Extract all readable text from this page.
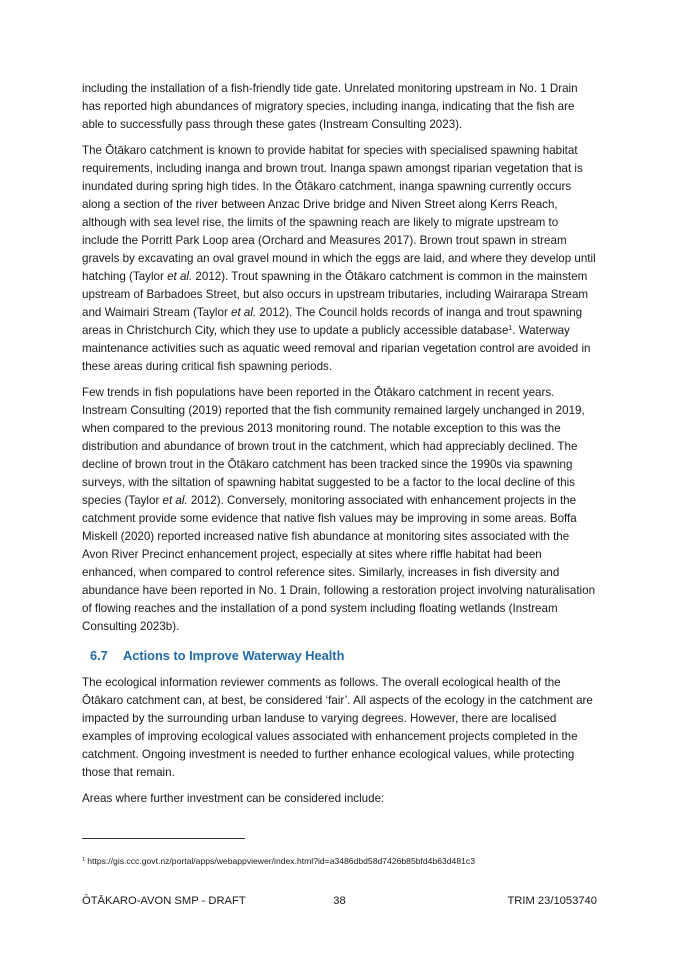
including the installation of a fish-friendly tide gate. Unrelated monitoring upstream in No. 1 Drain has reported high abundances of migratory species, including inanga, indicating that the fish are able to successfully pass through these gates (Instream Consulting 2023).

The Ōtākaro catchment is known to provide habitat for species with specialised spawning habitat requirements, including inanga and brown trout. Inanga spawn amongst riparian vegetation that is inundated during spring high tides. In the Ōtākaro catchment, inanga spawning currently occurs along a section of the river between Anzac Drive bridge and Niven Street along Kerrs Reach, although with sea level rise, the limits of the spawning reach are likely to migrate upstream to include the Porritt Park Loop area (Orchard and Measures 2017). Brown trout spawn in stream gravels by excavating an oval gravel mound in which the eggs are laid, and where they develop until hatching (Taylor et al. 2012). Trout spawning in the Ōtākaro catchment is common in the mainstem upstream of Barbadoes Street, but also occurs in upstream tributaries, including Wairarapa Stream and Waimairi Stream (Taylor et al. 2012). The Council holds records of inanga and trout spawning areas in Christchurch City, which they use to update a publicly accessible database$^1$. Waterway maintenance activities such as aquatic weed removal and riparian vegetation control are avoided in these areas during critical fish spawning periods.

Few trends in fish populations have been reported in the Ōtākaro catchment in recent years. Instream Consulting (2019) reported that the fish community remained largely unchanged in 2019, when compared to the previous 2013 monitoring round. The notable exception to this was the distribution and abundance of brown trout in the catchment, which had appreciably declined. The decline of brown trout in the Ōtākaro catchment has been tracked since the 1990s via spawning surveys, with the siltation of spawning habitat suggested to be a factor to the local decline of this species (Taylor et al. 2012). Conversely, monitoring associated with enhancement projects in the catchment provide some evidence that native fish values may be improving in some areas. Boffa Miskell (2020) reported increased native fish abundance at monitoring sites associated with the Avon River Precinct enhancement project, especially at sites where riffle habitat had been enhanced, when compared to control reference sites. Similarly, increases in fish diversity and abundance have been reported in No. 1 Drain, following a restoration project involving naturalisation of flowing reaches and the installation of a pond system including floating wetlands (Instream Consulting 2023b).

6.7 Actions to Improve Waterway Health

The ecological information reviewer comments as follows. The overall ecological health of the Ōtākaro catchment can, at best, be considered ‘fair’. All aspects of the ecology in the catchment are impacted by the surrounding urban landuse to varying degrees. However, there are localised examples of improving ecological values associated with enhancement projects completed in the catchment. Ongoing investment is needed to further enhance ecological values, while protecting those that remain.

Areas where further investment can be considered include:

$^1$ https://gis.ccc.govt.nz/portal/apps/webappviewer/index.html?id=a3486dbd58d7426b85bfd4b63d481c3

ŌTĀKARO-AVON SMP - DRAFT	38	TRIM 23/1053740
